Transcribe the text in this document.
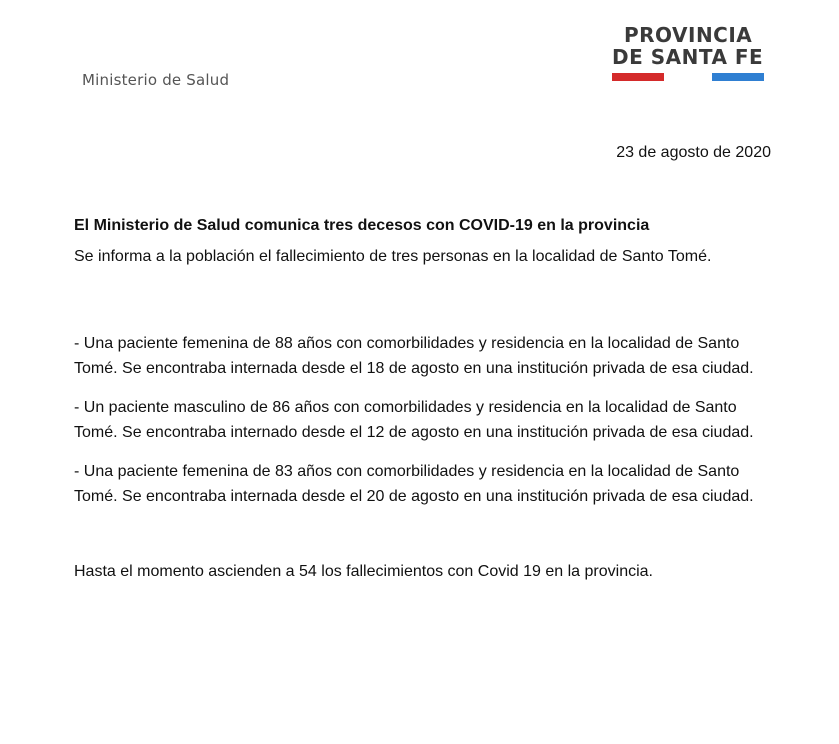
Ministerio de Salud
PROVINCIA
DE SANTA FE
23 de agosto de 2020

El Ministerio de Salud comunica tres decesos con COVID-19 en la provincia

Se informa a la población el fallecimiento de tres personas en la localidad de Santo Tomé.

- Una paciente femenina de 88 años con comorbilidades y residencia en la localidad de Santo Tomé. Se encontraba internada desde el 18 de agosto en una institución privada de esa ciudad.

- Un paciente masculino de 86 años con comorbilidades y residencia en la localidad de Santo Tomé. Se encontraba internado desde el 12 de agosto en una institución privada de esa ciudad.

- Una paciente femenina de 83 años con comorbilidades y residencia en la localidad de Santo Tomé. Se encontraba internada desde el 20 de agosto en una institución privada de esa ciudad.

Hasta el momento ascienden a 54 los fallecimientos con Covid 19 en la provincia.
